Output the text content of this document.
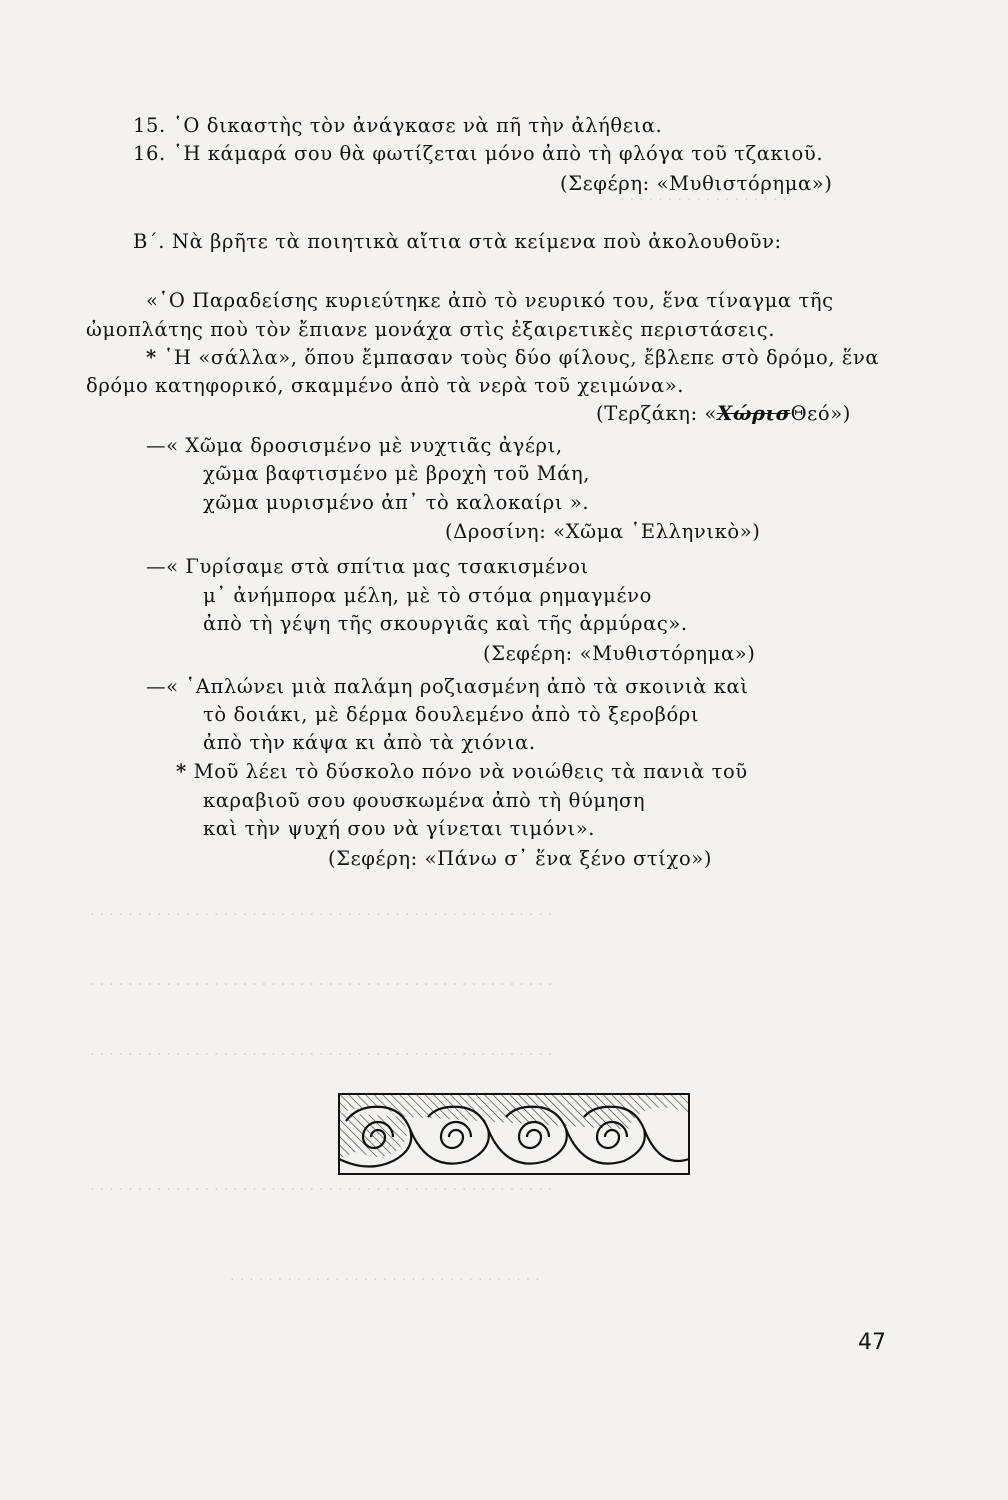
· · · · · · · · · · · · · · · · · ·
· · · · · · · · · · · · · · · · · · · · · · · · · · · · · · · · · · · · · · · · · · · · · · · · ·
· · · · · · · · · · · · · · · · · · · · · · · · · · · · · · · · · · · · · · · · · · · · · · · · ·
· · · · · · · · · · · · · · · · · · · · · · · · · · · · · · · · · · · · · · · · · · · · · · · · ·
· · · · · · · · · · · · · · · · · · · · · · · · · · · · · · · · · · · · · · · · · · · · · · · · ·
· · · · · · · · · · · · · · · · · · · · · · · · · · · · · · · · ·
15. ῾Ο δικαστὴς τὸν ἀνάγκασε νὰ πῆ τὴν ἀλήθεια.
16. ῾Η κάμαρά σου θὰ φωτίζεται μόνο ἀπὸ τὴ φλόγα τοῦ τζακιοῦ.
(Σεφέρη: «Μυθιστόρημα»)
Β΄. Νὰ βρῆτε τὰ ποιητικὰ αἴτια στὰ κείμενα ποὺ ἀκολουθοῦν:
«῾Ο Παραδείσης κυριεύτηκε ἀπὸ τὸ νευρικό του, ἕνα τίναγμα τῆς
ὠμοπλάτης ποὺ τὸν ἔπιανε μονάχα στὶς ἐξαιρετικὲς περιστάσεις.
* ῾Η «σάλλα», ὅπου ἔμπασαν τοὺς δύο φίλους, ἔβλεπε στὸ δρόμο, ἕνα
δρόμο κατηφορικό, σκαμμένο ἀπὸ τὰ νερὰ τοῦ χειμώνα».
(Τερζάκη: «ΧώρισΘεό»)
—« Χῶμα δροσισμένο μὲ νυχτιᾶς ἀγέρι,
χῶμα βαφτισμένο μὲ βροχὴ τοῦ Μάη,
χῶμα μυρισμένο ἀπ᾿ τὸ καλοκαίρι ».
(Δροσίνη: «Χῶμα ῾Ελληνικὸ»)
—« Γυρίσαμε στὰ σπίτια μας τσακισμένοι
μ᾿ ἀνήμπορα μέλη, μὲ τὸ στόμα ρημαγμένο
ἀπὸ τὴ γέψη τῆς σκουργιᾶς καὶ τῆς ἁρμύρας».
(Σεφέρη: «Μυθιστόρημα»)
—« ῾Απλώνει μιὰ παλάμη ροζιασμένη ἀπὸ τὰ σκοινιὰ καὶ
τὸ δοιάκι, μὲ δέρμα δουλεμένο ἀπὸ τὸ ξεροβόρι
ἀπὸ τὴν κάψα κι ἀπὸ τὰ χιόνια.
* Μοῦ λέει τὸ δύσκολο πόνο νὰ νοιώθεις τὰ πανιὰ τοῦ
καραβιοῦ σου φουσκωμένα ἀπὸ τὴ θύμηση
καὶ τὴν ψυχή σου νὰ γίνεται τιμόνι».
(Σεφέρη: «Πάνω σ᾿ ἕνα ξένο στίχο»)
47
